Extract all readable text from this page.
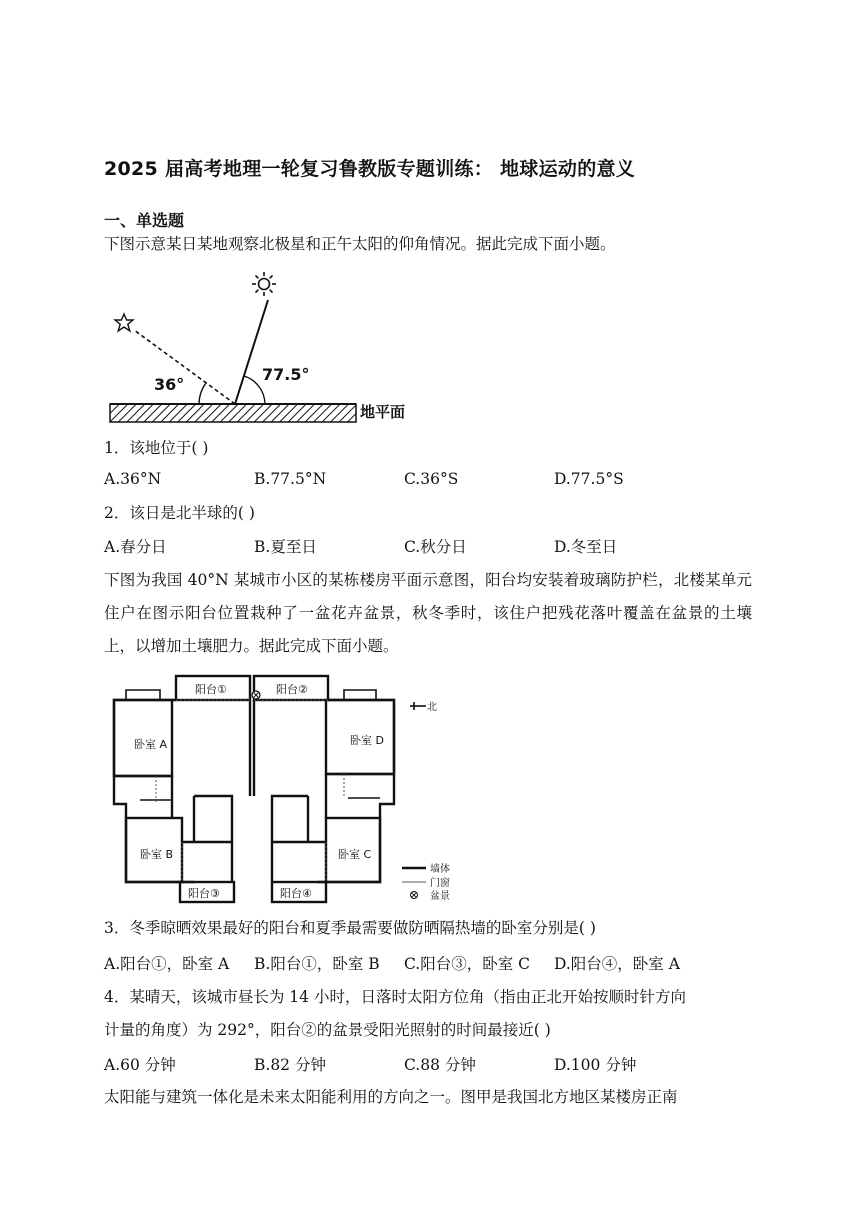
2025 届高考地理一轮复习鲁教版专题训练： 地球运动的意义
一、单选题
下图示意某日某地观察北极星和正午太阳的仰角情况。据此完成下面小题。
36°
77.5°
地平面
1．该地位于( )
A.36°N	B.77.5°N	C.36°S	D.77.5°S
2．该日是北半球的( )
A.春分日	B.夏至日	C.秋分日	D.冬至日
下图为我国 40°N 某城市小区的某栋楼房平面示意图，阳台均安装着玻璃防护栏，北楼某单元住户在图示阳台位置栽种了一盆花卉盆景，秋冬季时，该住户把残花落叶覆盖在盆景的土壤上，以增加土壤肥力。据此完成下面小题。
阳台①	阳台②
阳台③	阳台④
卧室 A	卧室 D
卧室 B	卧室 C
北
墙体
门窗
盆景
3．冬季晾晒效果最好的阳台和夏季最需要做防晒隔热墙的卧室分别是( )
A.阳台①，卧室 A B.阳台①，卧室 B C.阳台③，卧室 C D.阳台④，卧室 A
4．某晴天，该城市昼长为 14 小时，日落时太阳方位角（指由正北开始按顺时针方向
计量的角度）为 292°，阳台②的盆景受阳光照射的时间最接近( )
A.60 分钟	B.82 分钟	C.88 分钟	D.100 分钟
太阳能与建筑一体化是未来太阳能利用的方向之一。图甲是我国北方地区某楼房正南
